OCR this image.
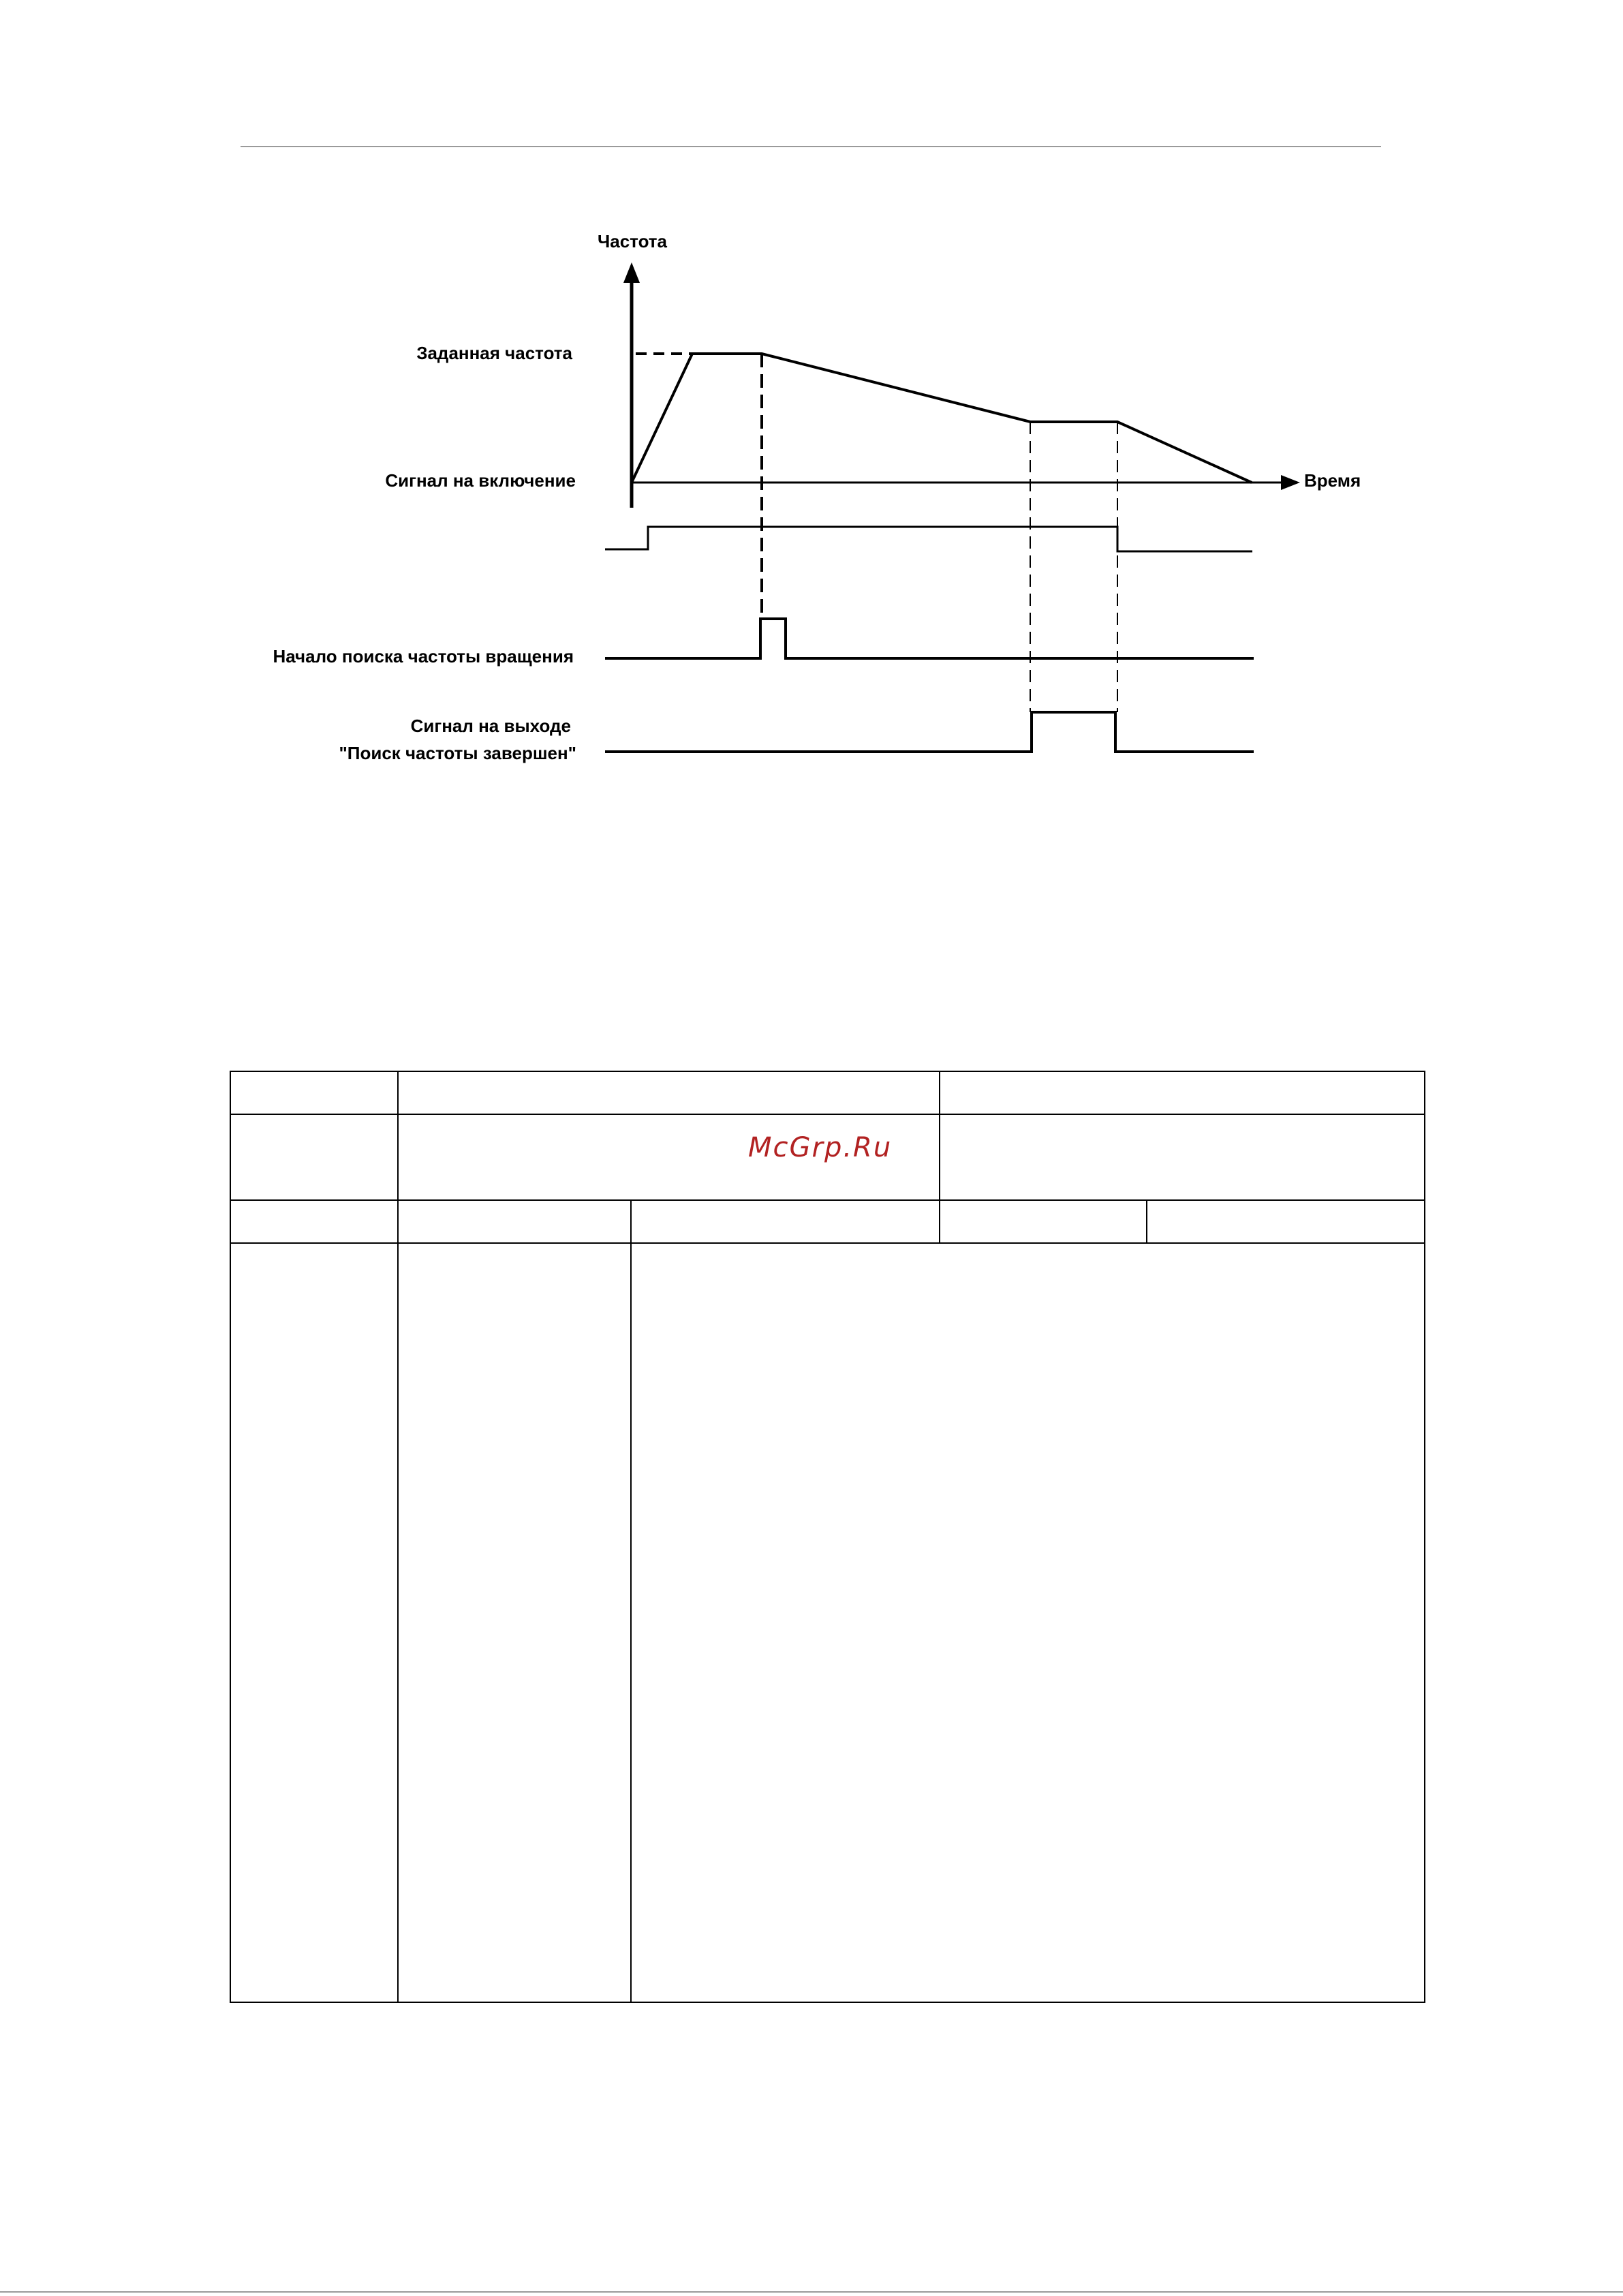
Частота
Время
Заданная частота
Сигнал на включение
Начало поиска частоты вращения
Сигнал на выходе
"Поиск частоты завершен"
McGrp.Ru
